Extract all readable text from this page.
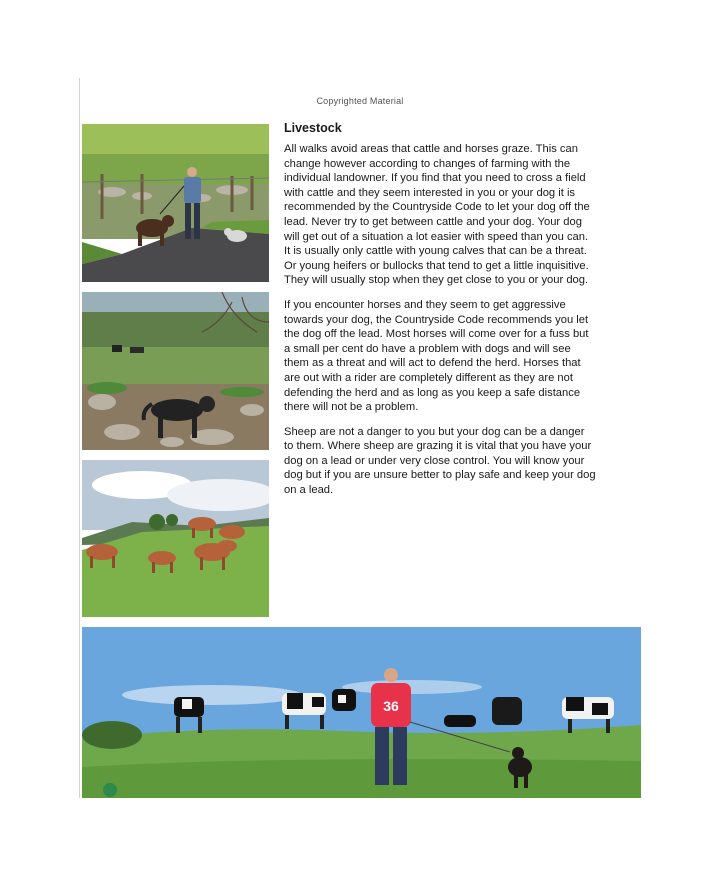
Copyrighted Material
36
Livestock

All walks avoid areas that cattle and horses graze. This can change however according to changes of farming with the individual landowner. If you find that you need to cross a field with cattle and they seem interested in you or your dog it is recommended by the Countryside Code to let your dog off the lead. Never try to get between cattle and your dog. Your dog will get out of a situation a lot easier with speed than you can. It is usually only cattle with young calves that can be a threat. Or young heifers or bullocks that tend to get a little inquisitive. They will usually stop when they get close to you or your dog.

If you encounter horses and they seem to get aggressive towards your dog, the Countryside Code recommends you let the dog off the lead. Most horses will come over for a fuss but a small per cent do have a problem with dogs and will see them as a threat and will act to defend the herd. Horses that are out with a rider are completely different as they are not defending the herd and as long as you keep a safe distance there will not be a problem.

Sheep are not a danger to you but your dog can be a danger to them. Where sheep are grazing it is vital that you have your dog on a lead or under very close control. You will know your dog but if you are unsure better to play safe and keep your dog on a lead.
